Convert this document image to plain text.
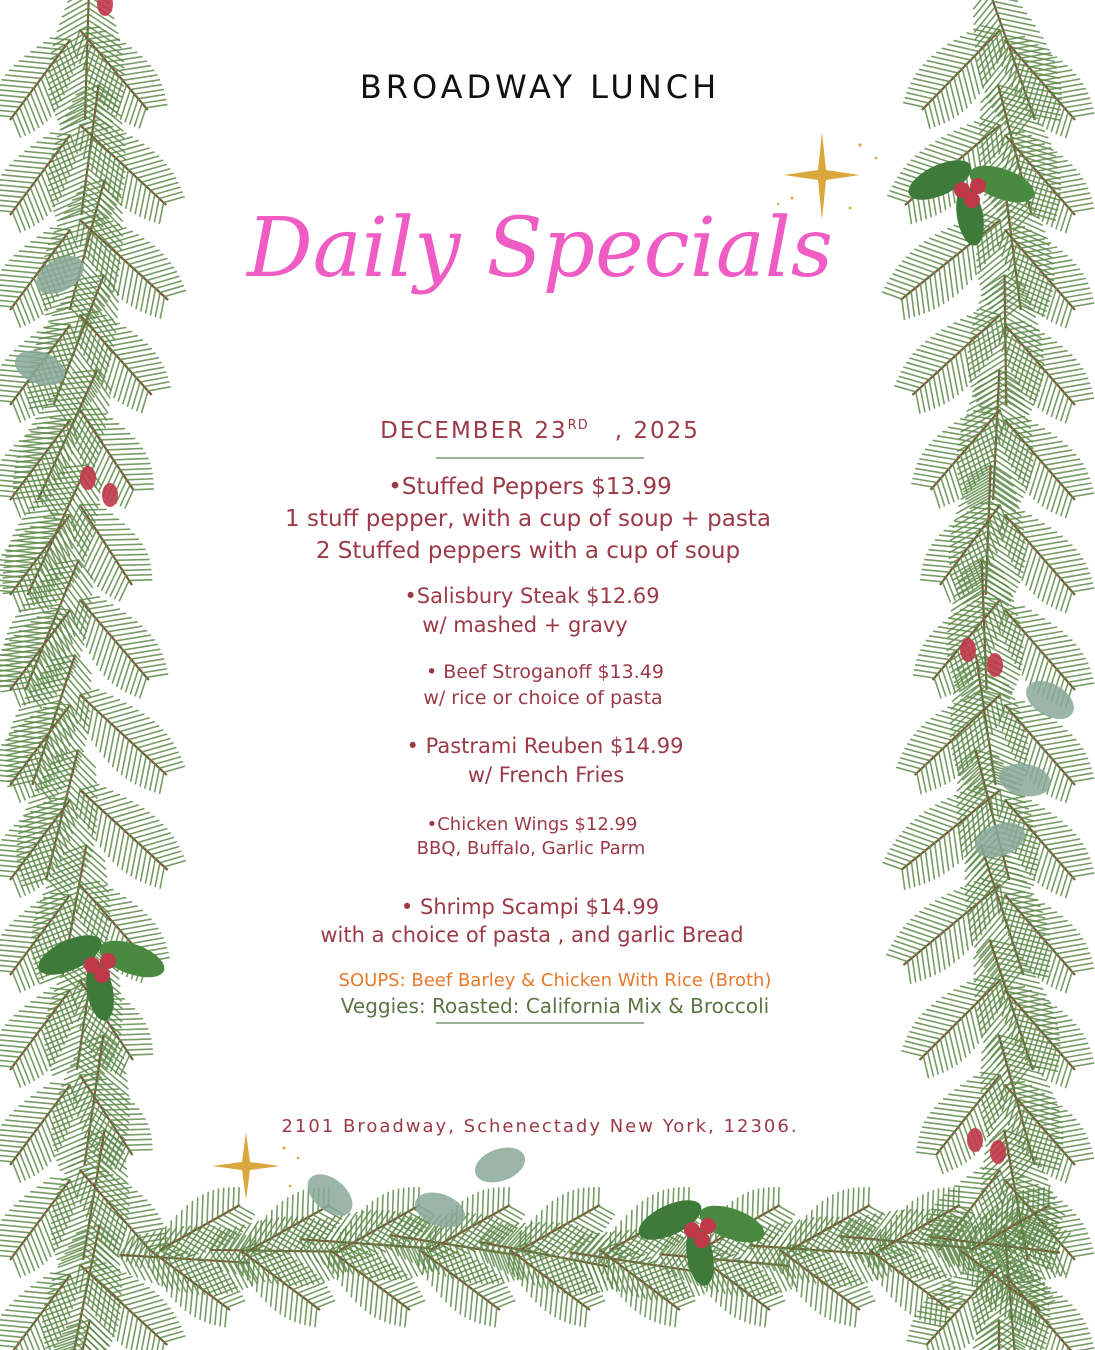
BROADWAY LUNCH
Daily Specials
DECEMBER 23RD , 2025
•Stuffed Peppers $13.99
1 stuff pepper, with a cup of soup + pasta
2 Stuffed peppers with a cup of soup
•Salisbury Steak $12.69
w/ mashed + gravy
• Beef Stroganoff $13.49
w/ rice or choice of pasta
• Pastrami Reuben $14.99
w/ French Fries
•Chicken Wings $12.99
BBQ, Buffalo, Garlic Parm
• Shrimp Scampi $14.99
with a choice of pasta , and garlic Bread
SOUPS: Beef Barley & Chicken With Rice (Broth)
Veggies: Roasted: California Mix & Broccoli
2101 Broadway, Schenectady New York, 12306.
